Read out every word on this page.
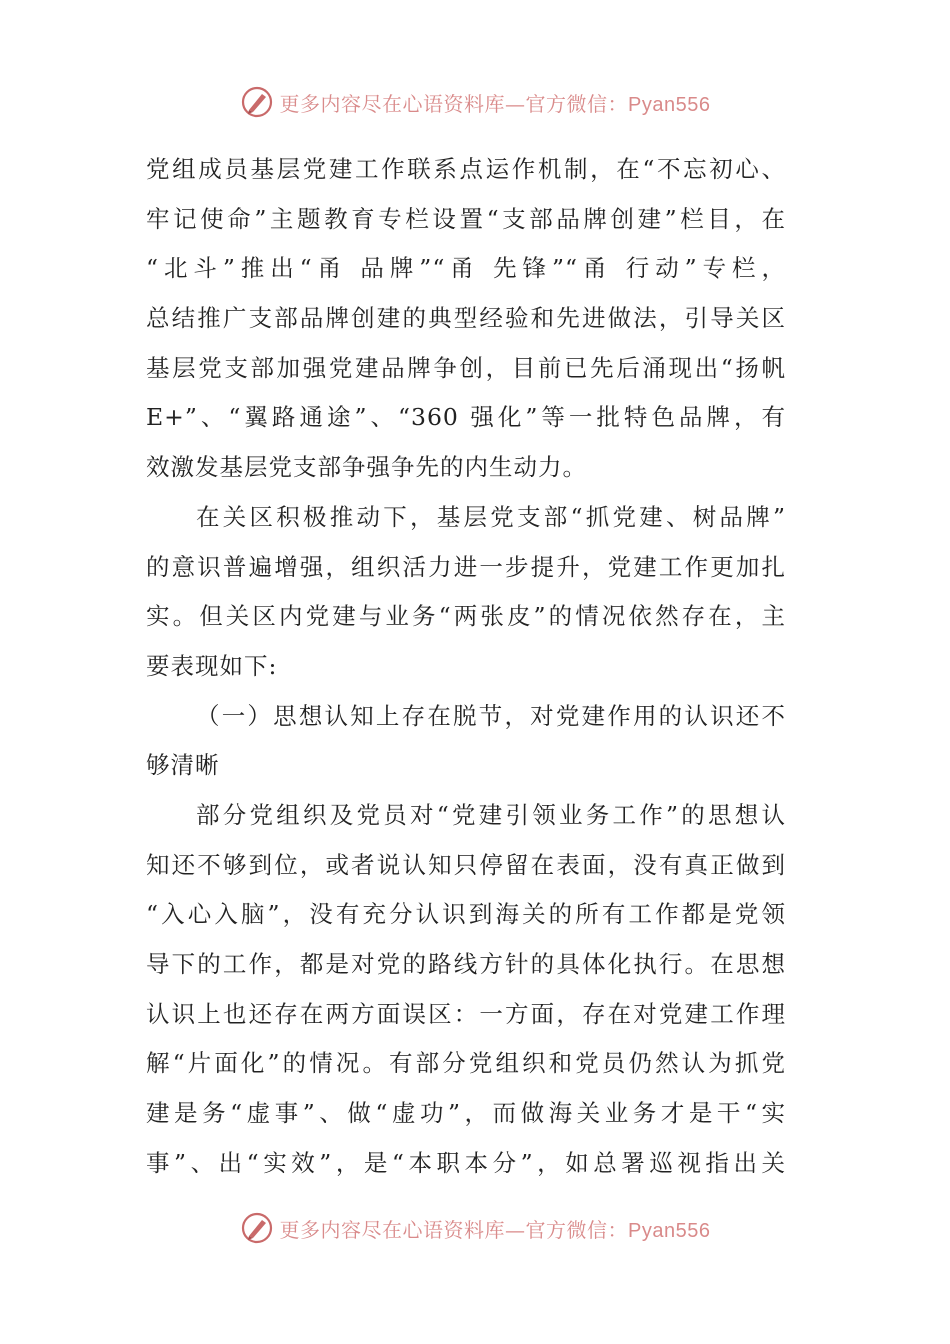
更多内容尽在心语资料库—官方微信：Pyan556
党组成员基层党建工作联系点运作机制，在“不忘初心、
牢记使命”主题教育专栏设置“支部品牌创建”栏目，在
“北斗”推出“甬 品牌”“甬 先锋”“甬 行动”专栏，
总结推广支部品牌创建的典型经验和先进做法，引导关区
基层党支部加强党建品牌争创，目前已先后涌现出“扬帆
E+”、“翼路通途”、“360 强化”等一批特色品牌，有
效激发基层党支部争强争先的内生动力。
在关区积极推动下，基层党支部“抓党建、树品牌”
的意识普遍增强，组织活力进一步提升，党建工作更加扎
实。但关区内党建与业务“两张皮”的情况依然存在，主
要表现如下:
（一）思想认知上存在脱节，对党建作用的认识还不
够清晰
部分党组织及党员对“党建引领业务工作”的思想认
知还不够到位，或者说认知只停留在表面，没有真正做到
“入心入脑”，没有充分认识到海关的所有工作都是党领
导下的工作，都是对党的路线方针的具体化执行。在思想
认识上也还存在两方面误区：一方面，存在对党建工作理
解“片面化”的情况。有部分党组织和党员仍然认为抓党
建是务“虚事”、做“虚功”，而做海关业务才是干“实
事”、出“实效”，是“本职本分”，如总署巡视指出关
更多内容尽在心语资料库—官方微信：Pyan556
